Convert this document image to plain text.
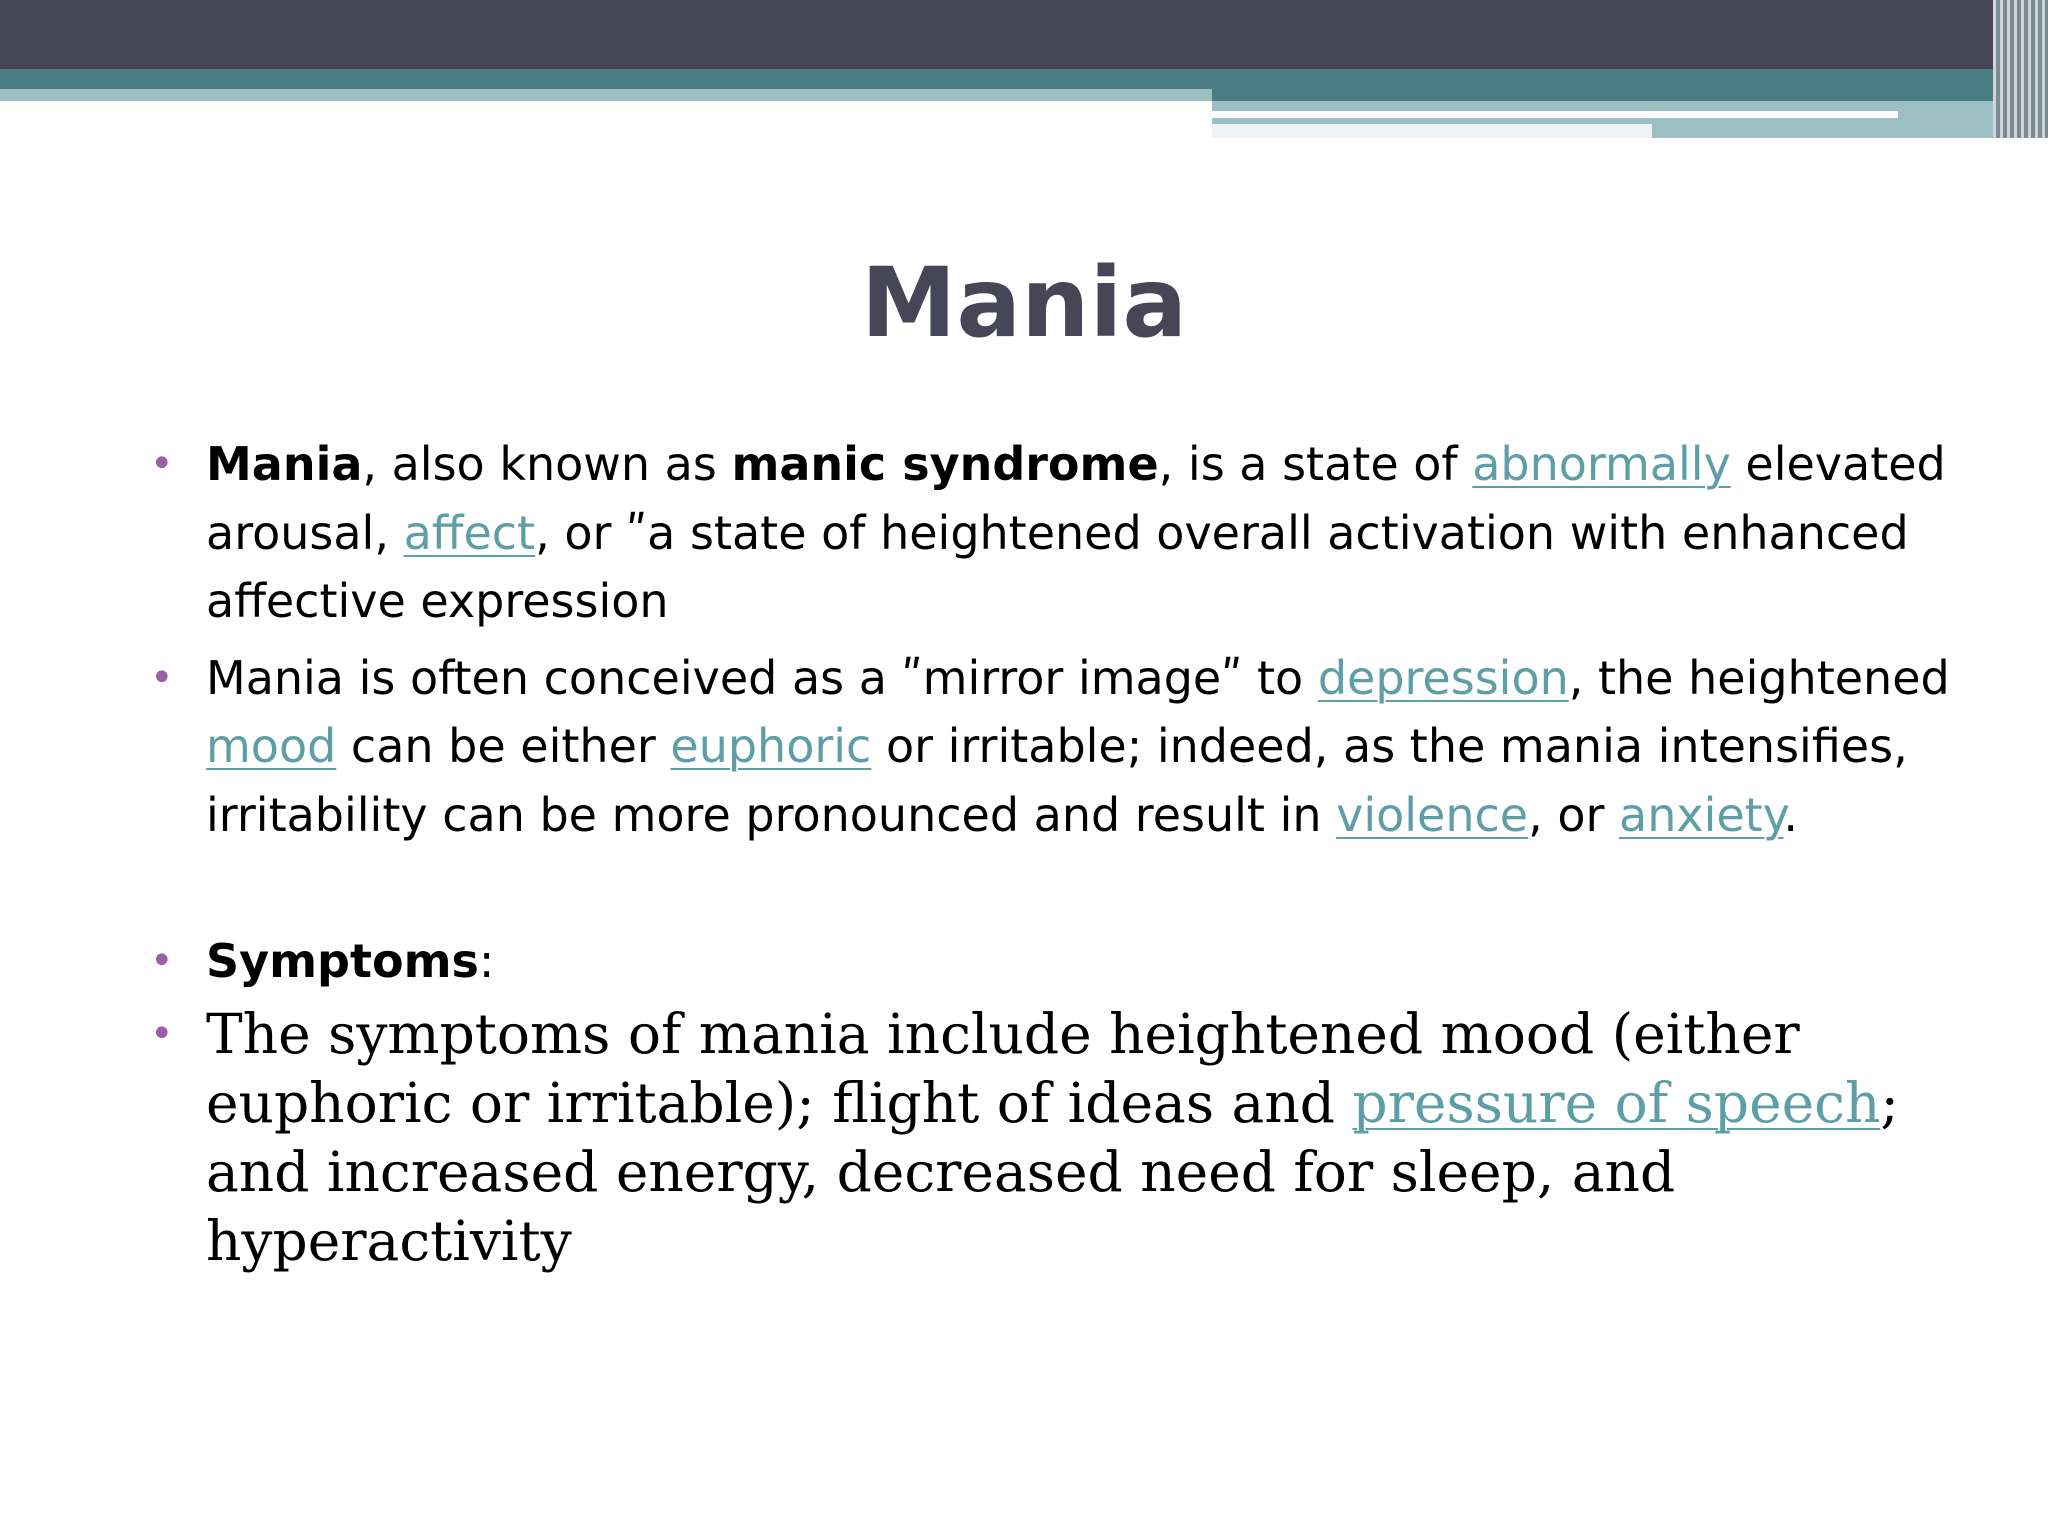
Mania
• Mania, also known as manic syndrome, is a state of abnormally elevated arousal, affect, or ʺ​a state of heightened overall activation with enhanced affective expression
• Mania is often conceived as a ʺmirror imageʺ to depression, the heightened mood can be either euphoric or irritable; indeed, as the mania intensifies, irritability can be more pronounced and result in violence, or anxiety.
• Symptoms:
• The symptoms of mania include heightened mood (either euphoric or irritable); flight of ideas and pressure of speech; and increased energy, decreased need for sleep, and hyperactivity
